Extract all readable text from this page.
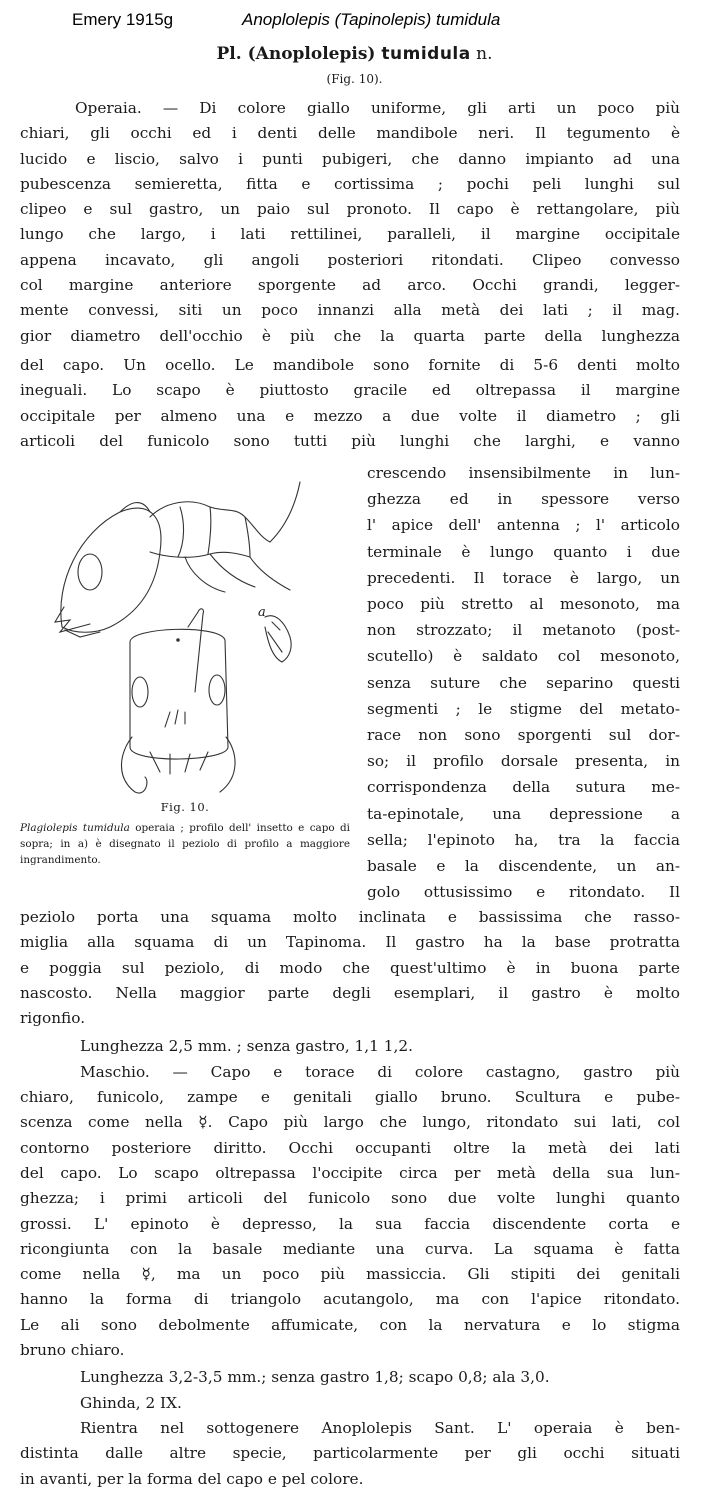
Emery 1915g	Anoplolepis (Tapinolepis) tumidula
Pl. (Anoplolepis) tumidula n.
(Fig. 10).
Operaia. — Di colore giallo uniforme, gli arti un poco più
chiari, gli occhi ed i denti delle mandibole neri. Il tegumento è
lucido e liscio, salvo i punti pubigeri, che danno impianto ad una
pubescenza semieretta, fitta e cortissima ; pochi peli lunghi sul
clipeo e sul gastro, un paio sul pronoto. Il capo è rettangolare, più
lungo che largo, i lati rettilinei, paralleli, il margine occipitale
appena incavato, gli angoli posteriori ritondati. Clipeo convesso
col margine anteriore sporgente ad arco. Occhi grandi, legger-
mente convessi, siti un poco innanzi alla metà dei lati ; il mag.
gior diametro dell'occhio è più che la quarta parte della lunghezza
del capo. Un ocello. Le mandibole sono fornite di 5-6 denti molto
ineguali. Lo scapo è piuttosto gracile ed oltrepassa il margine
occipitale per almeno una e mezzo a due volte il diametro ; gli
articoli del funicolo sono tutti più lunghi che larghi, e vanno
crescendo insensibilmente in lun-
ghezza ed in spessore verso
l' apice dell' antenna ; l' articolo
terminale è lungo quanto i due
precedenti. Il torace è largo, un
poco più stretto al mesonoto, ma
non strozzato; il metanoto (post-
scutello) è saldato col mesonoto,
senza suture che separino questi
segmenti ; le stigme del metato-
race non sono sporgenti sul dor-
so; il profilo dorsale presenta, in
corrispondenza della sutura me-
ta-epinotale, una depressione a
sella; l'epinoto ha, tra la faccia
basale e la discendente, un an-
golo ottusissimo e ritondato. Il
a
Fig. 10.
Plagiolepis tumidula operaia ; profilo dell' insetto e capo di sopra; in a) è disegnato il peziolo di profilo a maggiore ingrandimento.
peziolo porta una squama molto inclinata e bassissima che rasso-
miglia alla squama di un Tapinoma. Il gastro ha la base protratta
e poggia sul peziolo, di modo che quest'ultimo è in buona parte
nascosto. Nella maggior parte degli esemplari, il gastro è molto
rigonfio.
Lunghezza 2,5 mm. ; senza gastro, 1,1 1,2.
Maschio. — Capo e torace di colore castagno, gastro più
chiaro, funicolo, zampe e genitali giallo bruno. Scultura e pube-
scenza come nella ☿. Capo più largo che lungo, ritondato sui lati, col
contorno posteriore diritto. Occhi occupanti oltre la metà dei lati
del capo. Lo scapo oltrepassa l'occipite circa per metà della sua lun-
ghezza; i primi articoli del funicolo sono due volte lunghi quanto
grossi. L' epinoto è depresso, la sua faccia discendente corta e
ricongiunta con la basale mediante una curva. La squama è fatta
come nella ☿, ma un poco più massiccia. Gli stipiti dei genitali
hanno la forma di triangolo acutangolo, ma con l'apice ritondato.
Le ali sono debolmente affumicate, con la nervatura e lo stigma
bruno chiaro.
Lunghezza 3,2-3,5 mm.; senza gastro 1,8; scapo 0,8; ala 3,0.
Ghinda, 2 IX.
Rientra nel sottogenere Anoplolepis Sant. L' operaia è ben-
distinta dalle altre specie, particolarmente per gli occhi situati
in avanti, per la forma del capo e pel colore.
